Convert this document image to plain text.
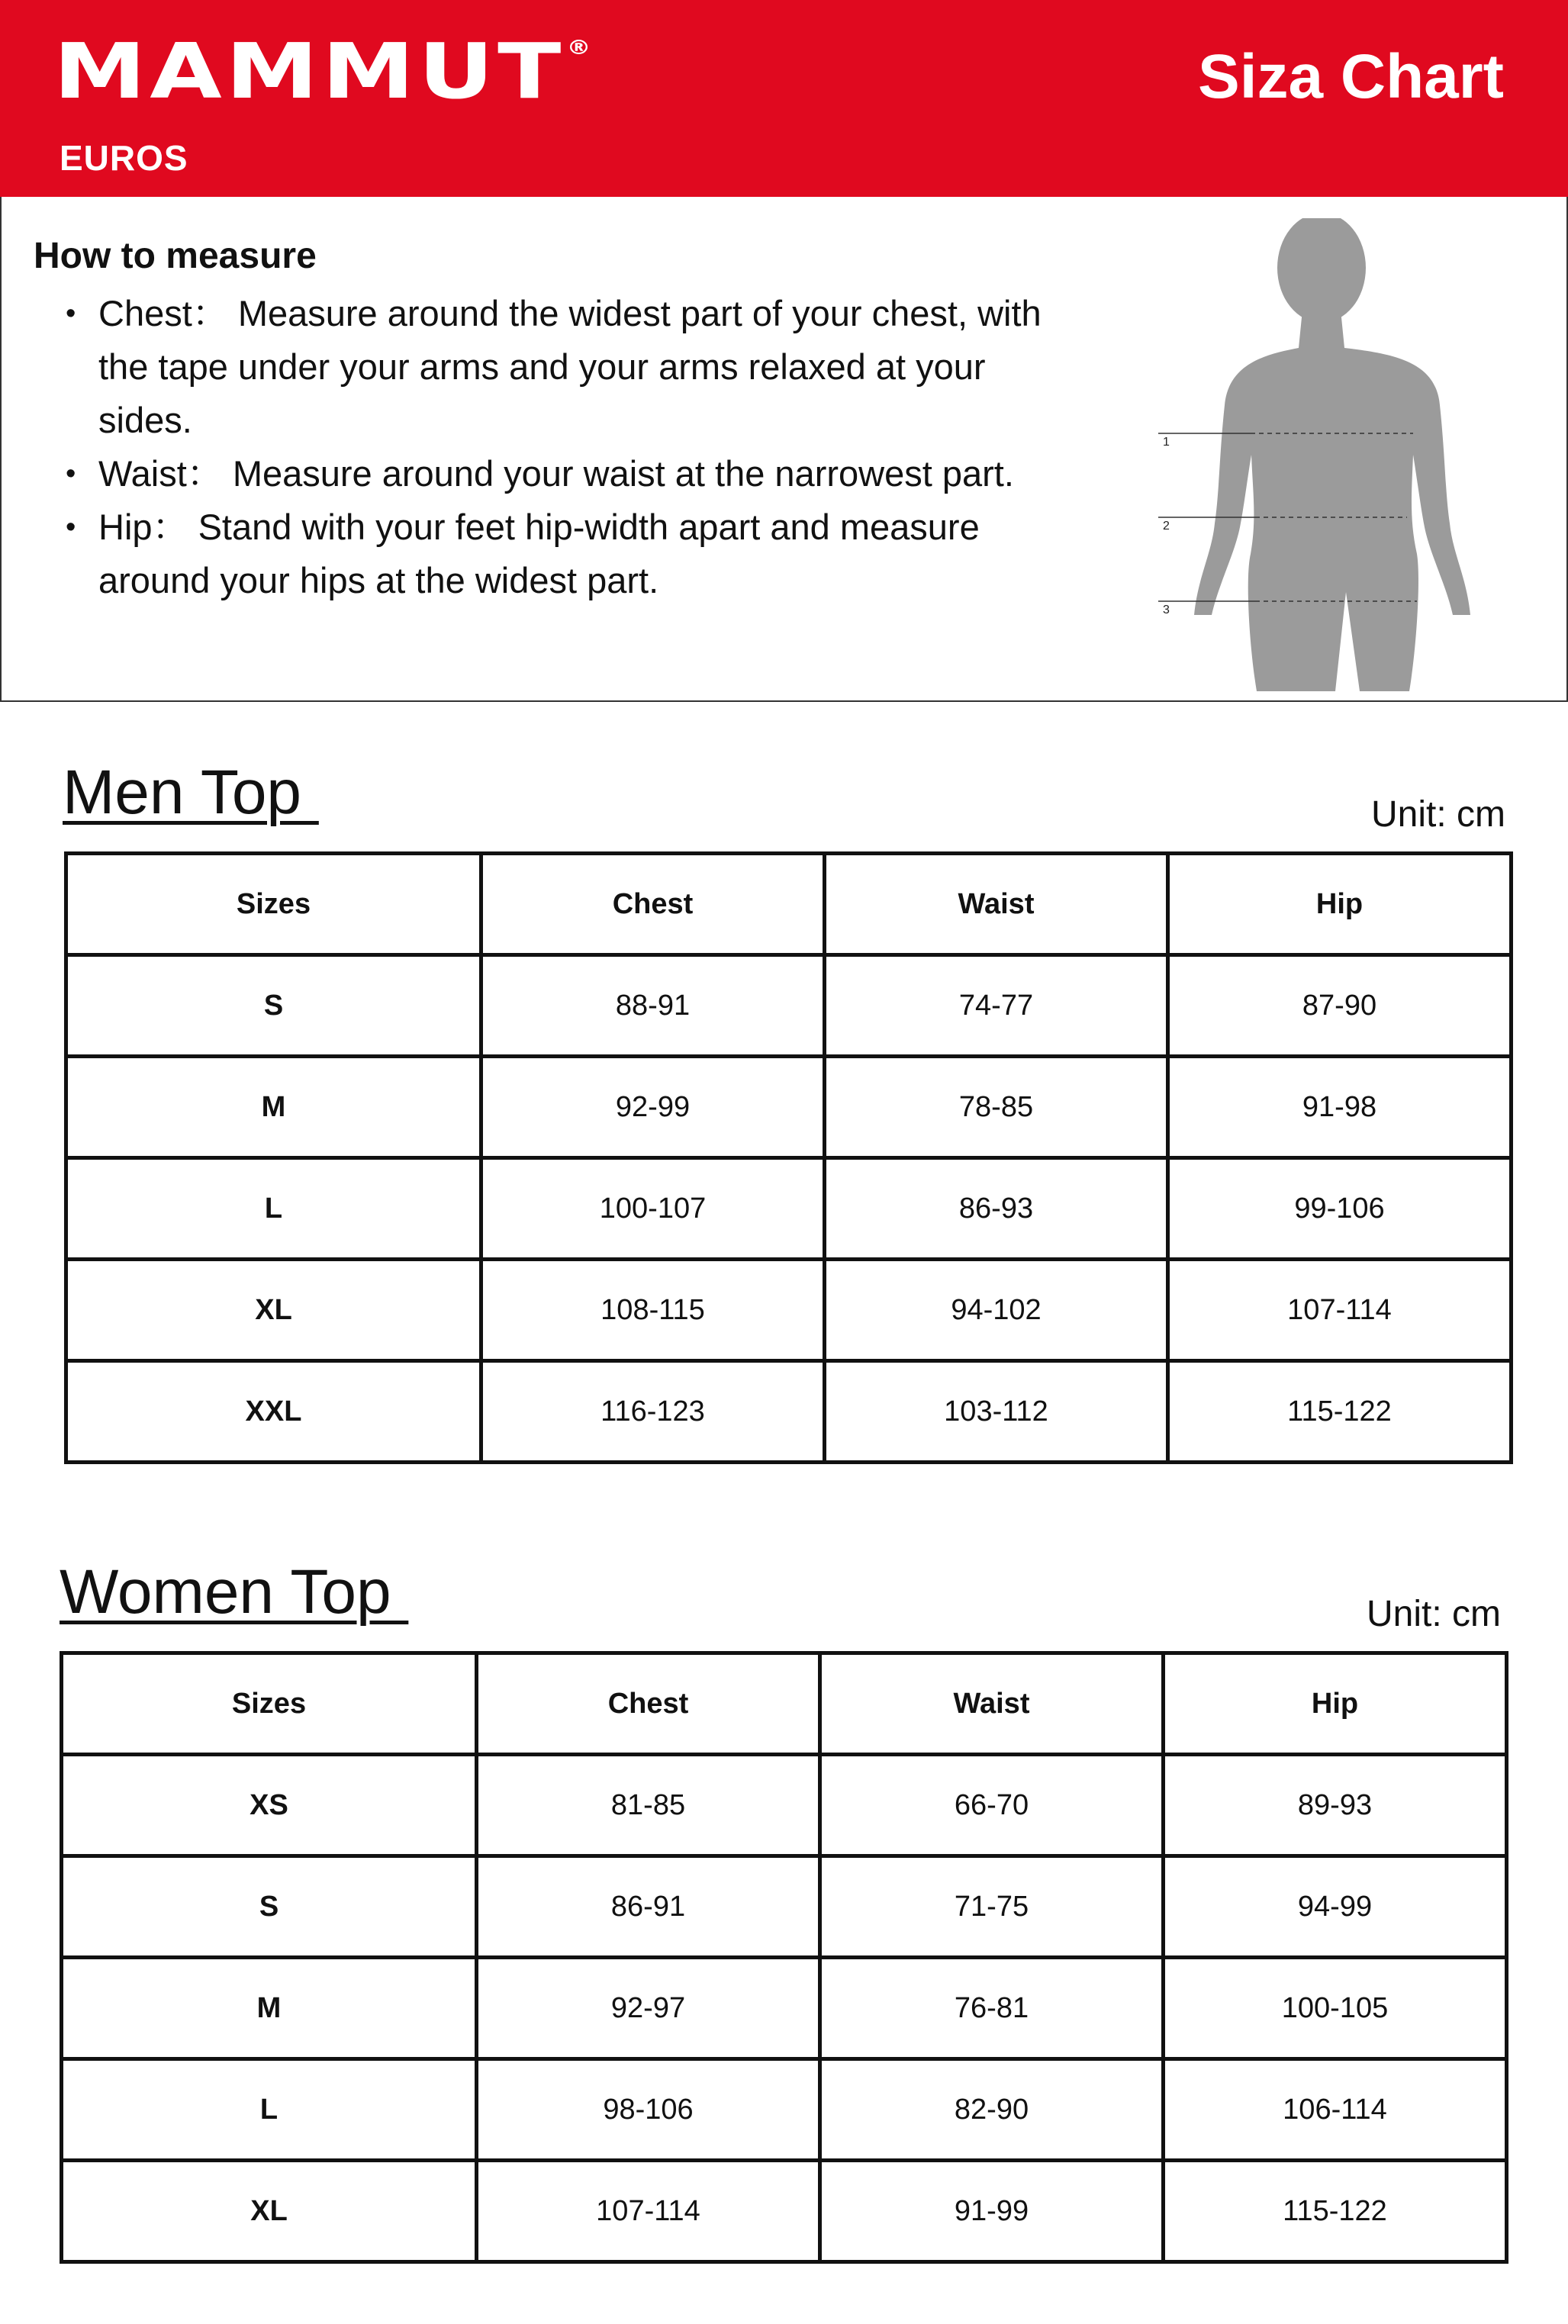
MAMMUT®
EUROS
Siza Chart
How to measure
• Chest： Measure around the widest part of your chest, with the tape under your arms and your arms relaxed at your sides.
• Waist： Measure around your waist at the narrowest part.
• Hip： Stand with your feet hip-width apart and measure around your hips at the widest part.
1
2
3
Men Top	Unit: cm
Sizes	Chest	Waist	Hip
S	88-91	74-77	87-90
M	92-99	78-85	91-98
L	100-107	86-93	99-106
XL	108-115	94-102	107-114
XXL	116-123	103-112	115-122
Women Top	Unit: cm
Sizes	Chest	Waist	Hip
XS	81-85	66-70	89-93
S	86-91	71-75	94-99
M	92-97	76-81	100-105
L	98-106	82-90	106-114
XL	107-114	91-99	115-122
